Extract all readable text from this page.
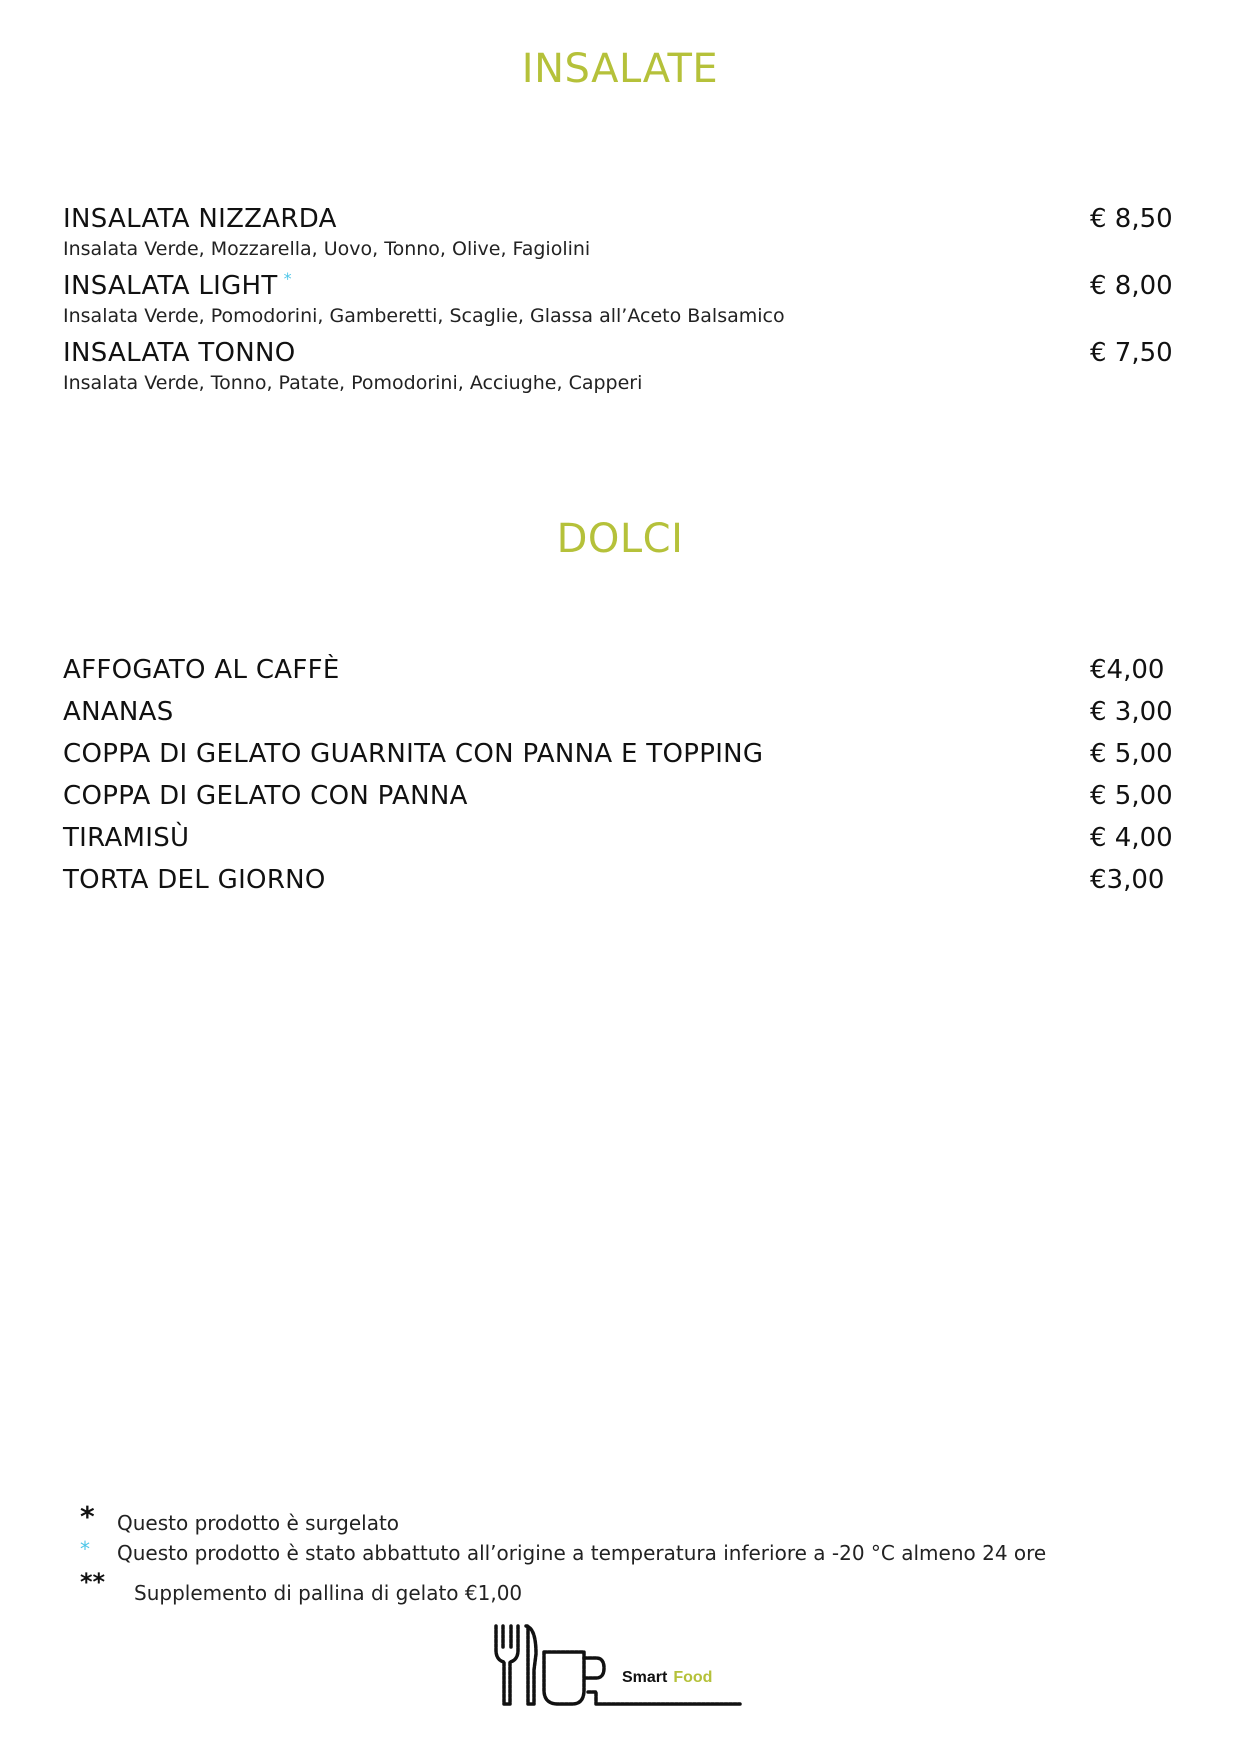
INSALATE
INSALATA NIZZARDA
Insalata Verde, Mozzarella, Uovo, Tonno, Olive, Fagiolini
€ 8,50
INSALATA LIGHT *
Insalata Verde, Pomodorini, Gamberetti, Scaglie, Glassa all’Aceto Balsamico
€ 8,00
INSALATA TONNO
Insalata Verde, Tonno, Patate, Pomodorini, Acciughe, Capperi
€ 7,50
DOLCI
AFFOGATO AL CAFFÈ	€4,00
ANANAS	€ 3,00
COPPA DI GELATO GUARNITA CON PANNA E TOPPING	€ 5,00
COPPA DI GELATO CON PANNA	€ 5,00
TIRAMISÙ	€ 4,00
TORTA DEL GIORNO	€3,00
* Questo prodotto è surgelato
* Questo prodotto è stato abbattuto all’origine a temperatura inferiore a -20 °C almeno 24 ore
** Supplemento di pallina di gelato €1,00
Smart Food
